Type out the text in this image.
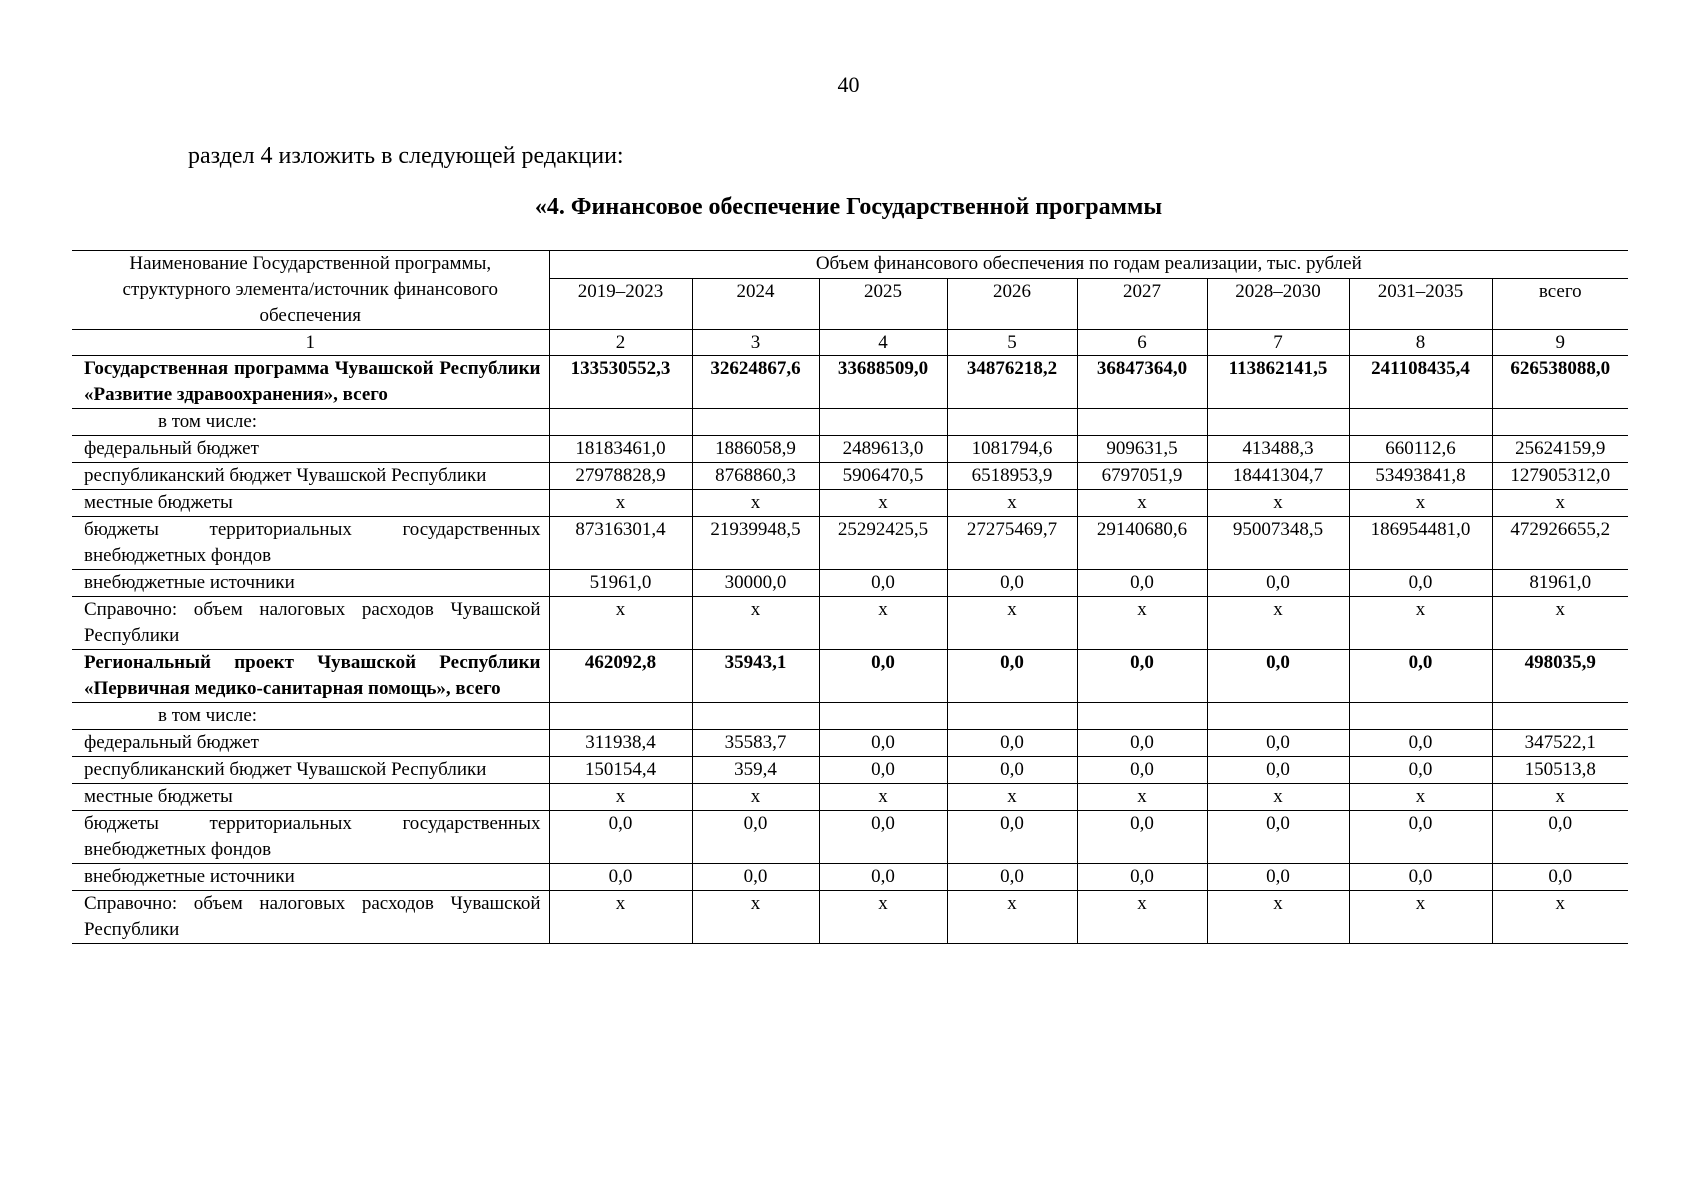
40
раздел 4 изложить в следующей редакции:
«4. Финансовое обеспечение Государственной программы
Наименование Государственной программы, структурного элемента/источник финансового обеспечения	Объем финансового обеспечения по годам реализации, тыс. рублей							
	2019–2023	2024	2025	2026	2027	2028–2030	2031–2035	всего
1	2	3	4	5	6	7	8	9
Государственная программа Чувашской Республики «Развитие здравоохранения», всего	133530552,3	32624867,6	33688509,0	34876218,2	36847364,0	113862141,5	241108435,4	626538088,0
в том числе:								
федеральный бюджет	18183461,0	1886058,9	2489613,0	1081794,6	909631,5	413488,3	660112,6	25624159,9
республиканский бюджет Чувашской Республики	27978828,9	8768860,3	5906470,5	6518953,9	6797051,9	18441304,7	53493841,8	127905312,0
местные бюджеты	x	x	x	x	x	x	x	x
бюджеты территориальных государственных внебюджетных фондов	87316301,4	21939948,5	25292425,5	27275469,7	29140680,6	95007348,5	186954481,0	472926655,2
внебюджетные источники	51961,0	30000,0	0,0	0,0	0,0	0,0	0,0	81961,0
Справочно: объем налоговых расходов Чувашской Республики	x	x	x	x	x	x	x	x
Региональный проект Чувашской Республики «Первичная медико-санитарная помощь», всего	462092,8	35943,1	0,0	0,0	0,0	0,0	0,0	498035,9
в том числе:								
федеральный бюджет	311938,4	35583,7	0,0	0,0	0,0	0,0	0,0	347522,1
республиканский бюджет Чувашской Республики	150154,4	359,4	0,0	0,0	0,0	0,0	0,0	150513,8
местные бюджеты	x	x	x	x	x	x	x	x
бюджеты территориальных государственных внебюджетных фондов	0,0	0,0	0,0	0,0	0,0	0,0	0,0	0,0
внебюджетные источники	0,0	0,0	0,0	0,0	0,0	0,0	0,0	0,0
Справочно: объем налоговых расходов Чувашской Республики	x	x	x	x	x	x	x	x
